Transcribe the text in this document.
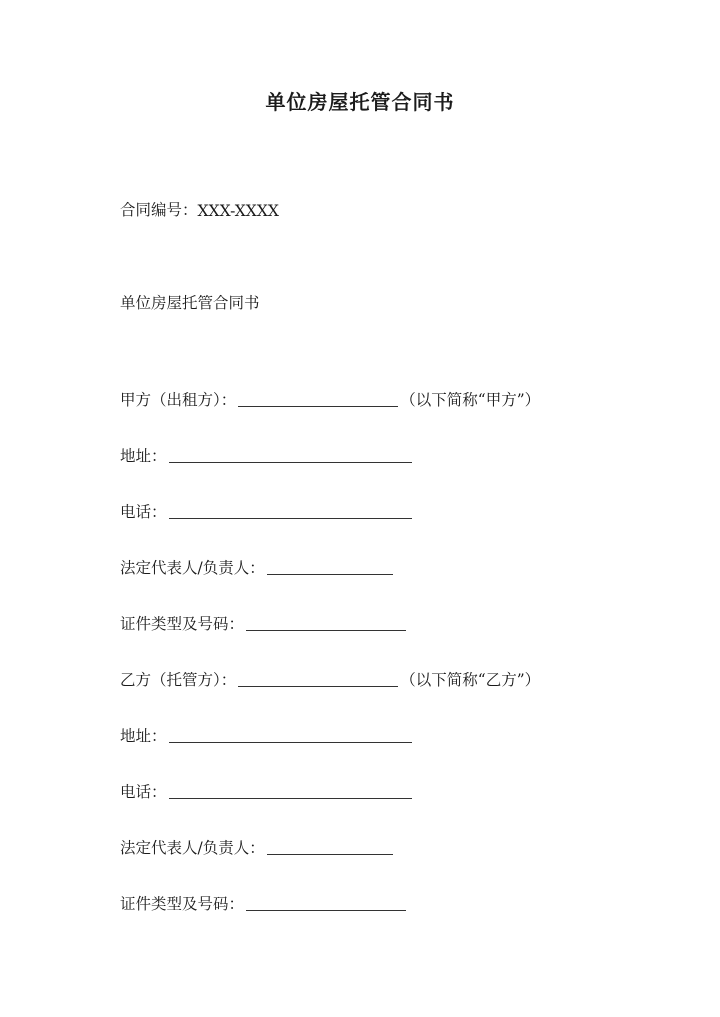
单位房屋托管合同书
合同编号： XXX-XXXX
单位房屋托管合同书
甲方（出租方）：	（以下简称“甲方”）
地址：
电话：
法定代表人/负责人：
证件类型及号码：
乙方（托管方）：	（以下简称“乙方”）
地址：
电话：
法定代表人/负责人：
证件类型及号码：
